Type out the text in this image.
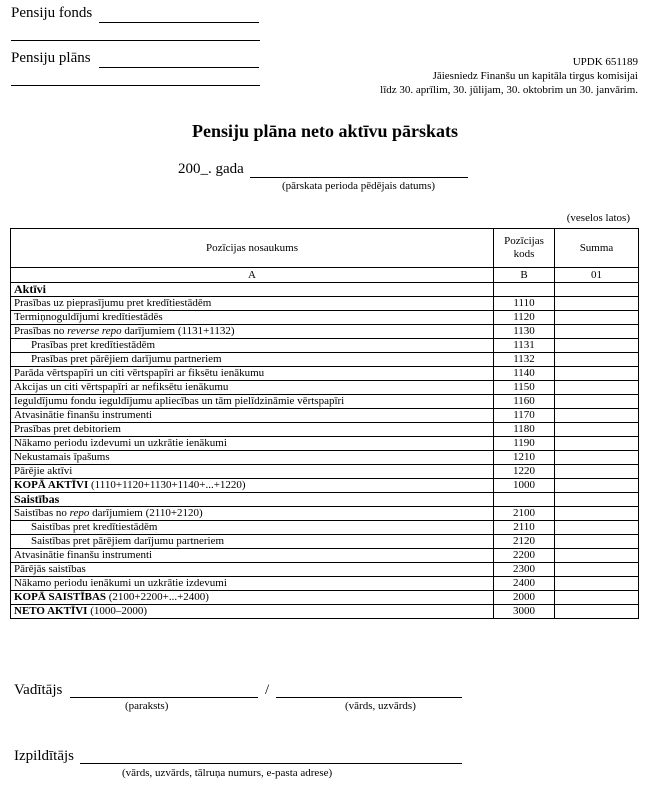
Pensiju fonds
Pensiju plāns	UPDK 651189
Jāiesniedz Finanšu un kapitāla tirgus komisijai
līdz 30. aprīlim, 30. jūlijam, 30. oktobrim un 30. janvārim.
Pensiju plāna neto aktīvu pārskats
200_. gada
(pārskata perioda pēdējais datums)
(veselos latos)
Pozīcijas nosaukums	Pozīcijas kods	Summa
A	B	01
Aktīvi		
Prasības uz pieprasījumu pret kredītiestādēm	1110	
Termiņnoguldījumi kredītiestādēs	1120	
Prasības no reverse repo darījumiem (1131+1132)	1130	
Prasības pret kredītiestādēm	1131	
Prasības pret pārējiem darījumu partneriem	1132	
Parāda vērtspapīri un citi vērtspapīri ar fiksētu ienākumu	1140	
Akcijas un citi vērtspapīri ar nefiksētu ienākumu	1150	
Ieguldījumu fondu ieguldījumu apliecības un tām pielīdzināmie vērtspapīri	1160	
Atvasinātie finanšu instrumenti	1170	
Prasības pret debitoriem	1180	
Nākamo periodu izdevumi un uzkrātie ienākumi	1190	
Nekustamais īpašums	1210	
Pārējie aktīvi	1220	
KOPĀ AKTĪVI (1110+1120+1130+1140+...+1220)	1000	
Saistības		
Saistības no repo darījumiem (2110+2120)	2100	
Saistības pret kredītiestādēm	2110	
Saistības pret pārējiem darījumu partneriem	2120	
Atvasinātie finanšu instrumenti	2200	
Pārējās saistības	2300	
Nākamo periodu ienākumi un uzkrātie izdevumi	2400	
KOPĀ SAISTĪBAS (2100+2200+...+2400)	2000	
NETO AKTĪVI (1000–2000)	3000	
Vadītājs	/
(paraksts)	(vārds, uzvārds)
Izpildītājs
(vārds, uzvārds, tālruņa numurs, e-pasta adrese)
